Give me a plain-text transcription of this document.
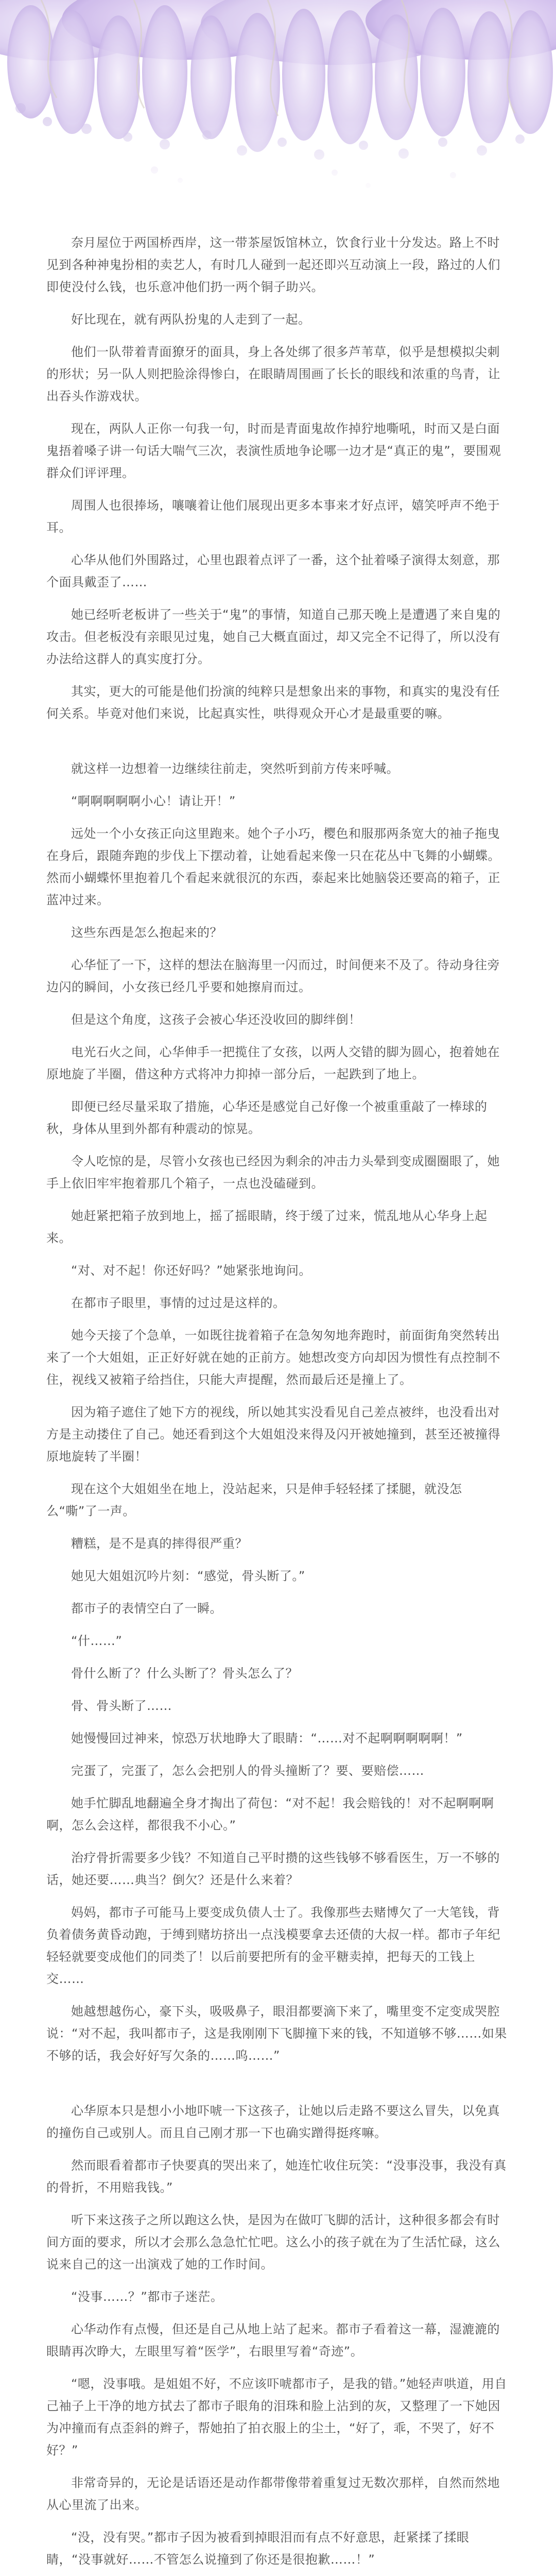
奈月屋位于两国桥西岸，这一带茶屋饭馆林立，饮食行业十分发达。路上不时见到各种神鬼扮相的卖艺人，有时几人碰到一起还即兴互动演上一段，路过的人们即使没付么钱，也乐意冲他们扔一两个铜子助兴。

好比现在，就有两队扮鬼的人走到了一起。

他们一队带着青面獠牙的面具，身上各处绑了很多芦苇草，似乎是想模拟尖刺的形状；另一队人则把脸涂得惨白，在眼睛周围画了长长的眼线和浓重的鸟青，让出吞头作游戏状。

现在，两队人正你一句我一句，时而是青面鬼故作掉狞地嘶吼，时而又是白面鬼捂着嗓子讲一句话大喘气三次，表演性质地争论哪一边才是“真正的鬼”，要围观群众们评评理。

周围人也很捧场，嚷嚷着让他们展现出更多本事来才好点评，嬉笑呼声不绝于耳。

心华从他们外围路过，心里也跟着点评了一番，这个扯着嗓子演得太刻意，那个面具戴歪了……

她已经听老板讲了一些关于“鬼”的事情，知道自己那天晚上是遭遇了来自鬼的攻击。但老板没有亲眼见过鬼，她自己大概直面过，却又完全不记得了，所以没有办法给这群人的真实度打分。

其实，更大的可能是他们扮演的纯粹只是想象出来的事物，和真实的鬼没有任何关系。毕竟对他们来说，比起真实性，哄得观众开心才是最重要的嘛。

就这样一边想着一边继续往前走，突然听到前方传来呼喊。

“啊啊啊啊啊小心！请让开！”

远处一个小女孩正向这里跑来。她个子小巧，樱色和服那两条宽大的袖子拖曳在身后，跟随奔跑的步伐上下摆动着，让她看起来像一只在花丛中飞舞的小蝴蝶。然而小蝴蝶怀里抱着几个看起来就很沉的东西，泰起来比她脑袋还要高的箱子，正蓝冲过来。

这些东西是怎么抱起来的？

心华怔了一下，这样的想法在脑海里一闪而过，时间便来不及了。待动身往旁边闪的瞬间，小女孩已经几乎要和她擦肩而过。

但是这个角度，这孩子会被心华还没收回的脚绊倒！

电光石火之间，心华伸手一把揽住了女孩，以两人交错的脚为圆心，抱着她在原地旋了半圈，借这种方式将冲力抑掉一部分后，一起跌到了地上。

即便已经尽量采取了措施，心华还是感觉自己好像一个被重重敲了一棒球的秋，身体从里到外都有种震动的惊晃。

令人吃惊的是，尽管小女孩也已经因为剩余的冲击力头晕到变成圈圈眼了，她手上依旧牢牢抱着那几个箱子，一点也没磕碰到。

她赶紧把箱子放到地上，摇了摇眼睛，终于缓了过来，慌乱地从心华身上起来。

“对、对不起！你还好吗？”她紧张地询问。

在都市子眼里，事情的过过是这样的。

她今天接了个急单，一如既往拢着箱子在急匆匆地奔跑时，前面街角突然转出来了一个大姐姐，正正好好就在她的正前方。她想改变方向却因为惯性有点控制不住，视线又被箱子给挡住，只能大声提醒，然而最后还是撞上了。

因为箱子遮住了她下方的视线，所以她其实没看见自己差点被绊，也没看出对方是主动搂住了自己。她还看到这个大姐姐没来得及闪开被她撞到，甚至还被撞得原地旋转了半圈！

现在这个大姐姐坐在地上，没站起来，只是伸手轻轻揉了揉腿，就没怎么“嘶”了一声。

糟糕，是不是真的摔得很严重？

她见大姐姐沉吟片刻：“感觉，骨头断了。”

都市子的表情空白了一瞬。

“什……”

骨什么断了？什么头断了？骨头怎么了？

骨、骨头断了……

她慢慢回过神来，惊恐万状地睁大了眼睛：“……对不起啊啊啊啊啊！”

完蛋了，完蛋了，怎么会把别人的骨头撞断了？要、要赔偿……

她手忙脚乱地翻遍全身才掏出了荷包：“对不起！我会赔钱的！对不起啊啊啊啊，怎么会这样，都很我不小心。”

治疗骨折需要多少钱？不知道自己平时攒的这些钱够不够看医生，万一不够的话，她还要……典当？倒欠？还是什么来着？

妈妈，都市子可能马上要变成负债人士了。我像那些去赌博欠了一大笔钱，背负着债务黄昏动跑，于缚到赌坊挤出一点浅模要拿去还债的大叔一样。都市子年纪轻轻就要变成他们的同类了！以后前要把所有的金平糖卖掉，把每天的工钱上交……

她越想越伤心，豪下头，吸吸鼻子，眼泪都要滴下来了，嘴里变不定变成哭腔说：“对不起，我叫都市子，这是我刚刚下飞脚撞下来的钱，不知道够不够……如果不够的话，我会好好写欠条的……呜……”

心华原本只是想小小地吓唬一下这孩子，让她以后走路不要这么冒失，以免真的撞伤自己或别人。而且自己刚才那一下也确实蹭得挺疼嘛。

然而眼看着都市子快要真的哭出来了，她连忙收住玩笑：“没事没事，我没有真的骨折，不用赔我钱。”

听下来这孩子之所以跑这么快，是因为在做叮飞脚的活计，这种很多都会有时间方面的要求，所以才会那么急急忙忙吧。这么小的孩子就在为了生活忙碌，这么说来自己的这一出演戏了她的工作时间。

“没事……？”都市子迷茫。

心华动作有点慢，但还是自己从地上站了起来。都市子看着这一幕，湿漉漉的眼睛再次睁大，左眼里写着“医学”，右眼里写着“奇迹”。

“嗯，没事哦。是姐姐不好，不应该吓唬都市子，是我的错。”她轻声哄道，用自己袖子上干净的地方拭去了都市子眼角的泪珠和脸上沾到的灰，又整理了一下她因为冲撞而有点歪斜的辫子，帮她拍了拍衣服上的尘土，“好了，乖，不哭了，好不好？”

非常奇异的，无论是话语还是动作都带像带着重复过无数次那样，自然而然地从心里流了出来。

“没，没有哭。”都市子因为被看到掉眼泪而有点不好意思，赶紧揉了揉眼睛，“没事就好……不管怎么说撞到了你还是很抱歉……！”
